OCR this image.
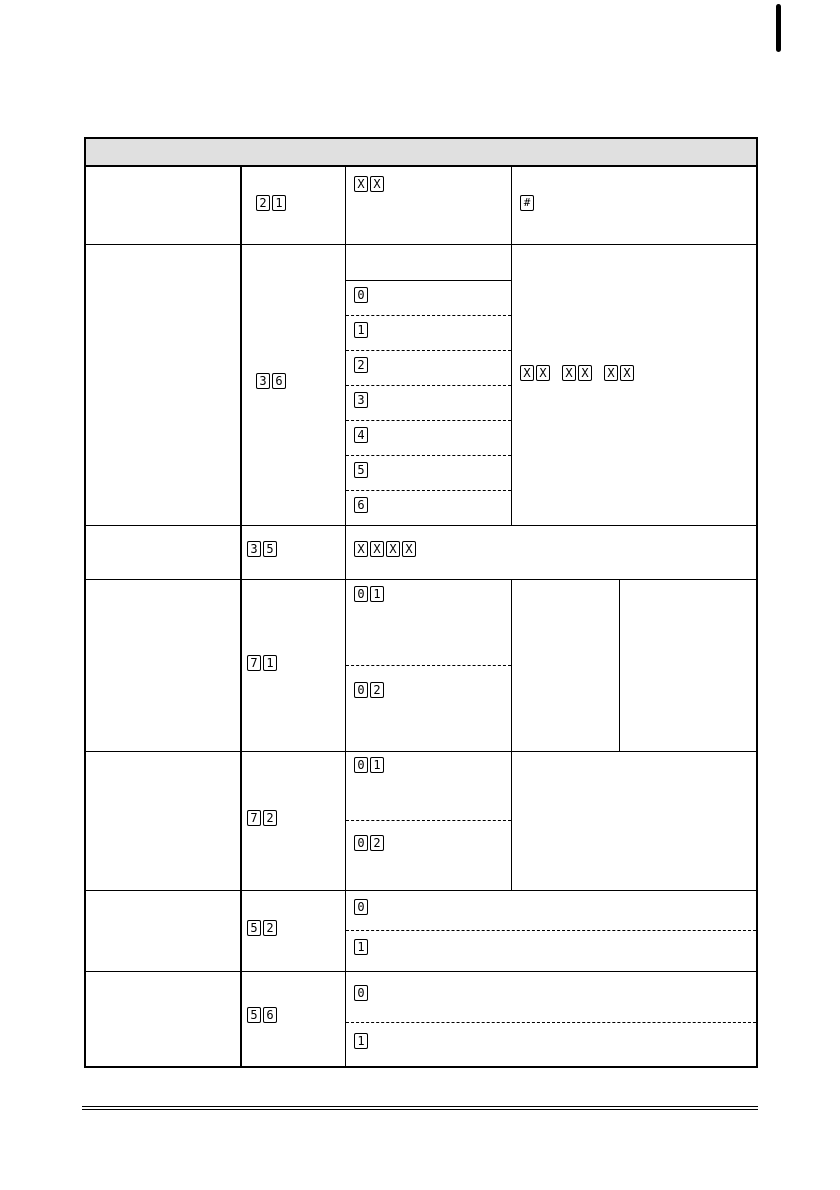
2 1
X X
#
3 6
X X X X X X
3 5	X X X X
7 1
7 2
5 2
5 6
0
1
2
3
4
5
6
0 1
0 2
0 1
0 2
0
1
0
1
